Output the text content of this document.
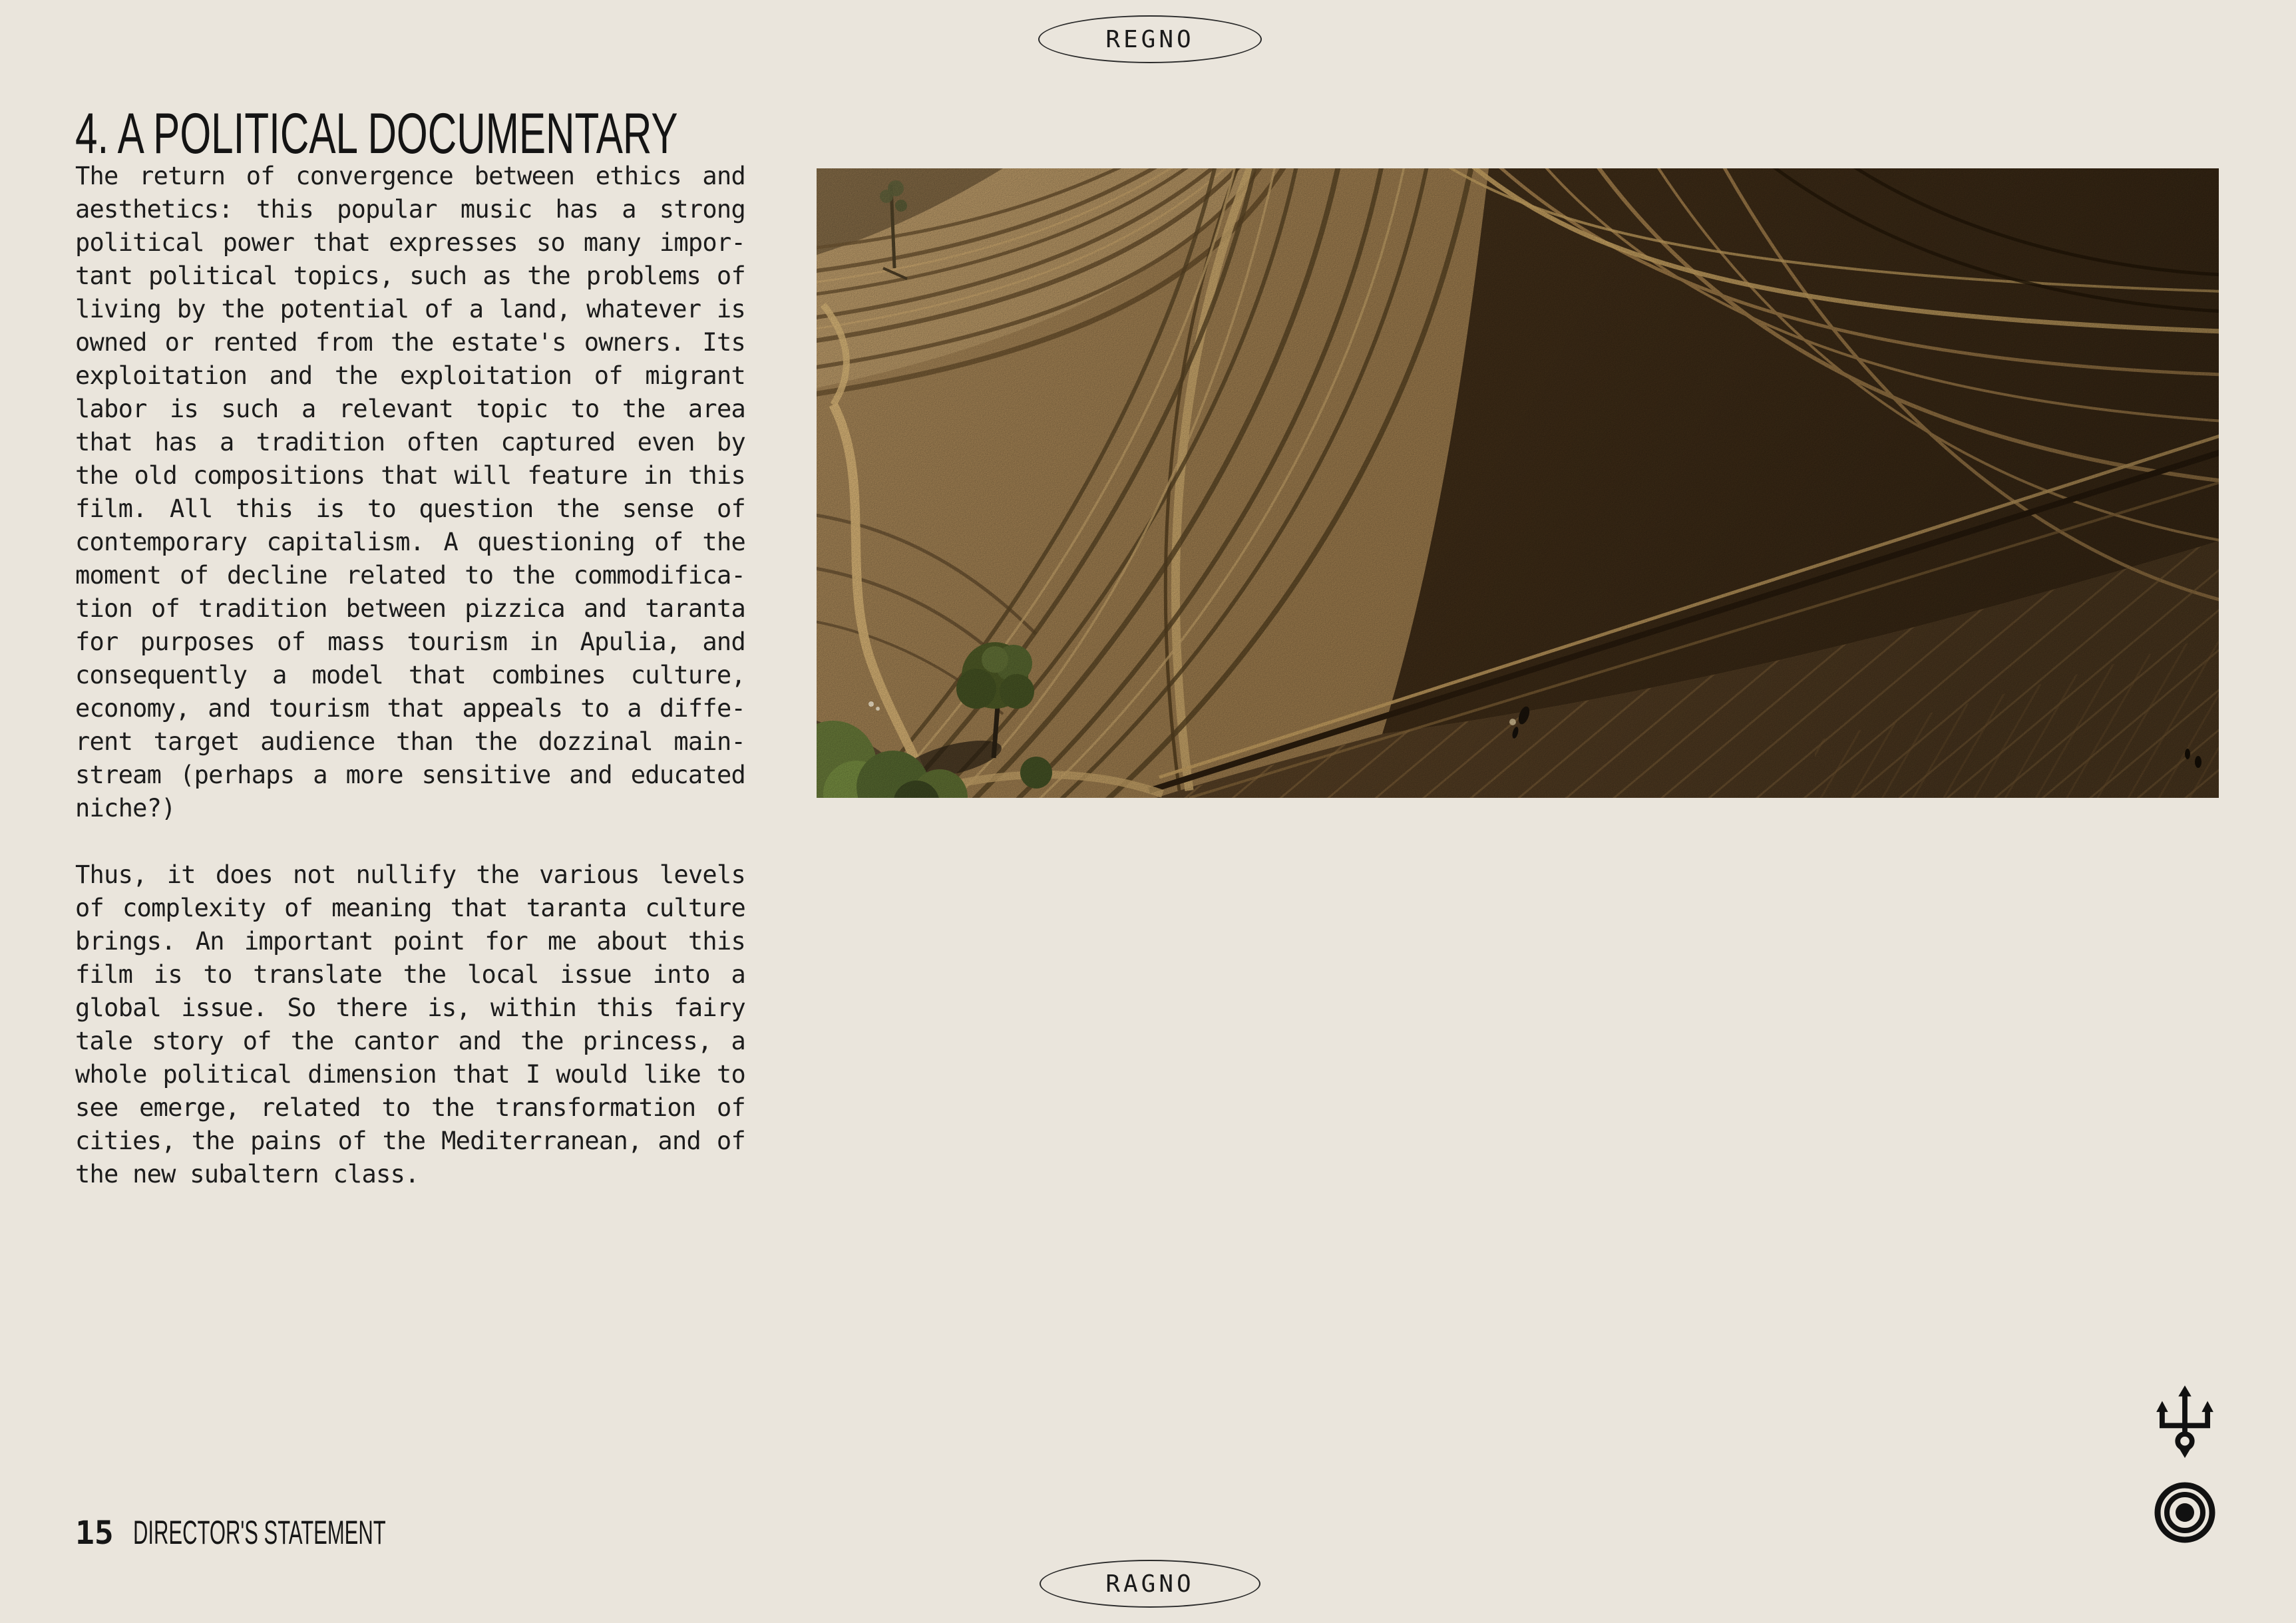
4. A POLITICAL DOCUMENTARY
REGNO
The return of convergence between ethics and
aesthetics: this popular music has a strong
political power that expresses so many impor-
tant political topics, such as the problems of
living by the potential of a land, whatever is
owned or rented from the estate's owners. Its
exploitation and the exploitation of migrant
labor is such a relevant topic to the area
that has a tradition often captured even by
the old compositions that will feature in this
film. All this is to question the sense of
contemporary capitalism. A questioning of the
moment of decline related to the commodifica-
tion of tradition between pizzica and taranta
for purposes of mass tourism in Apulia, and
consequently a model that combines culture,
economy, and tourism that appeals to a diffe-
rent target audience than the dozzinal main-
stream (perhaps a more sensitive and educated
niche?)
Thus, it does not nullify the various levels
of complexity of meaning that taranta culture
brings. An important point for me about this
film is to translate the local issue into a
global issue. So there is, within this fairy
tale story of the cantor and the princess, a
whole political dimension that I would like to
see emerge, related to the transformation of
cities, the pains of the Mediterranean, and of
the new subaltern class.
15 DIRECTOR'S STATEMENT
RAGNO
